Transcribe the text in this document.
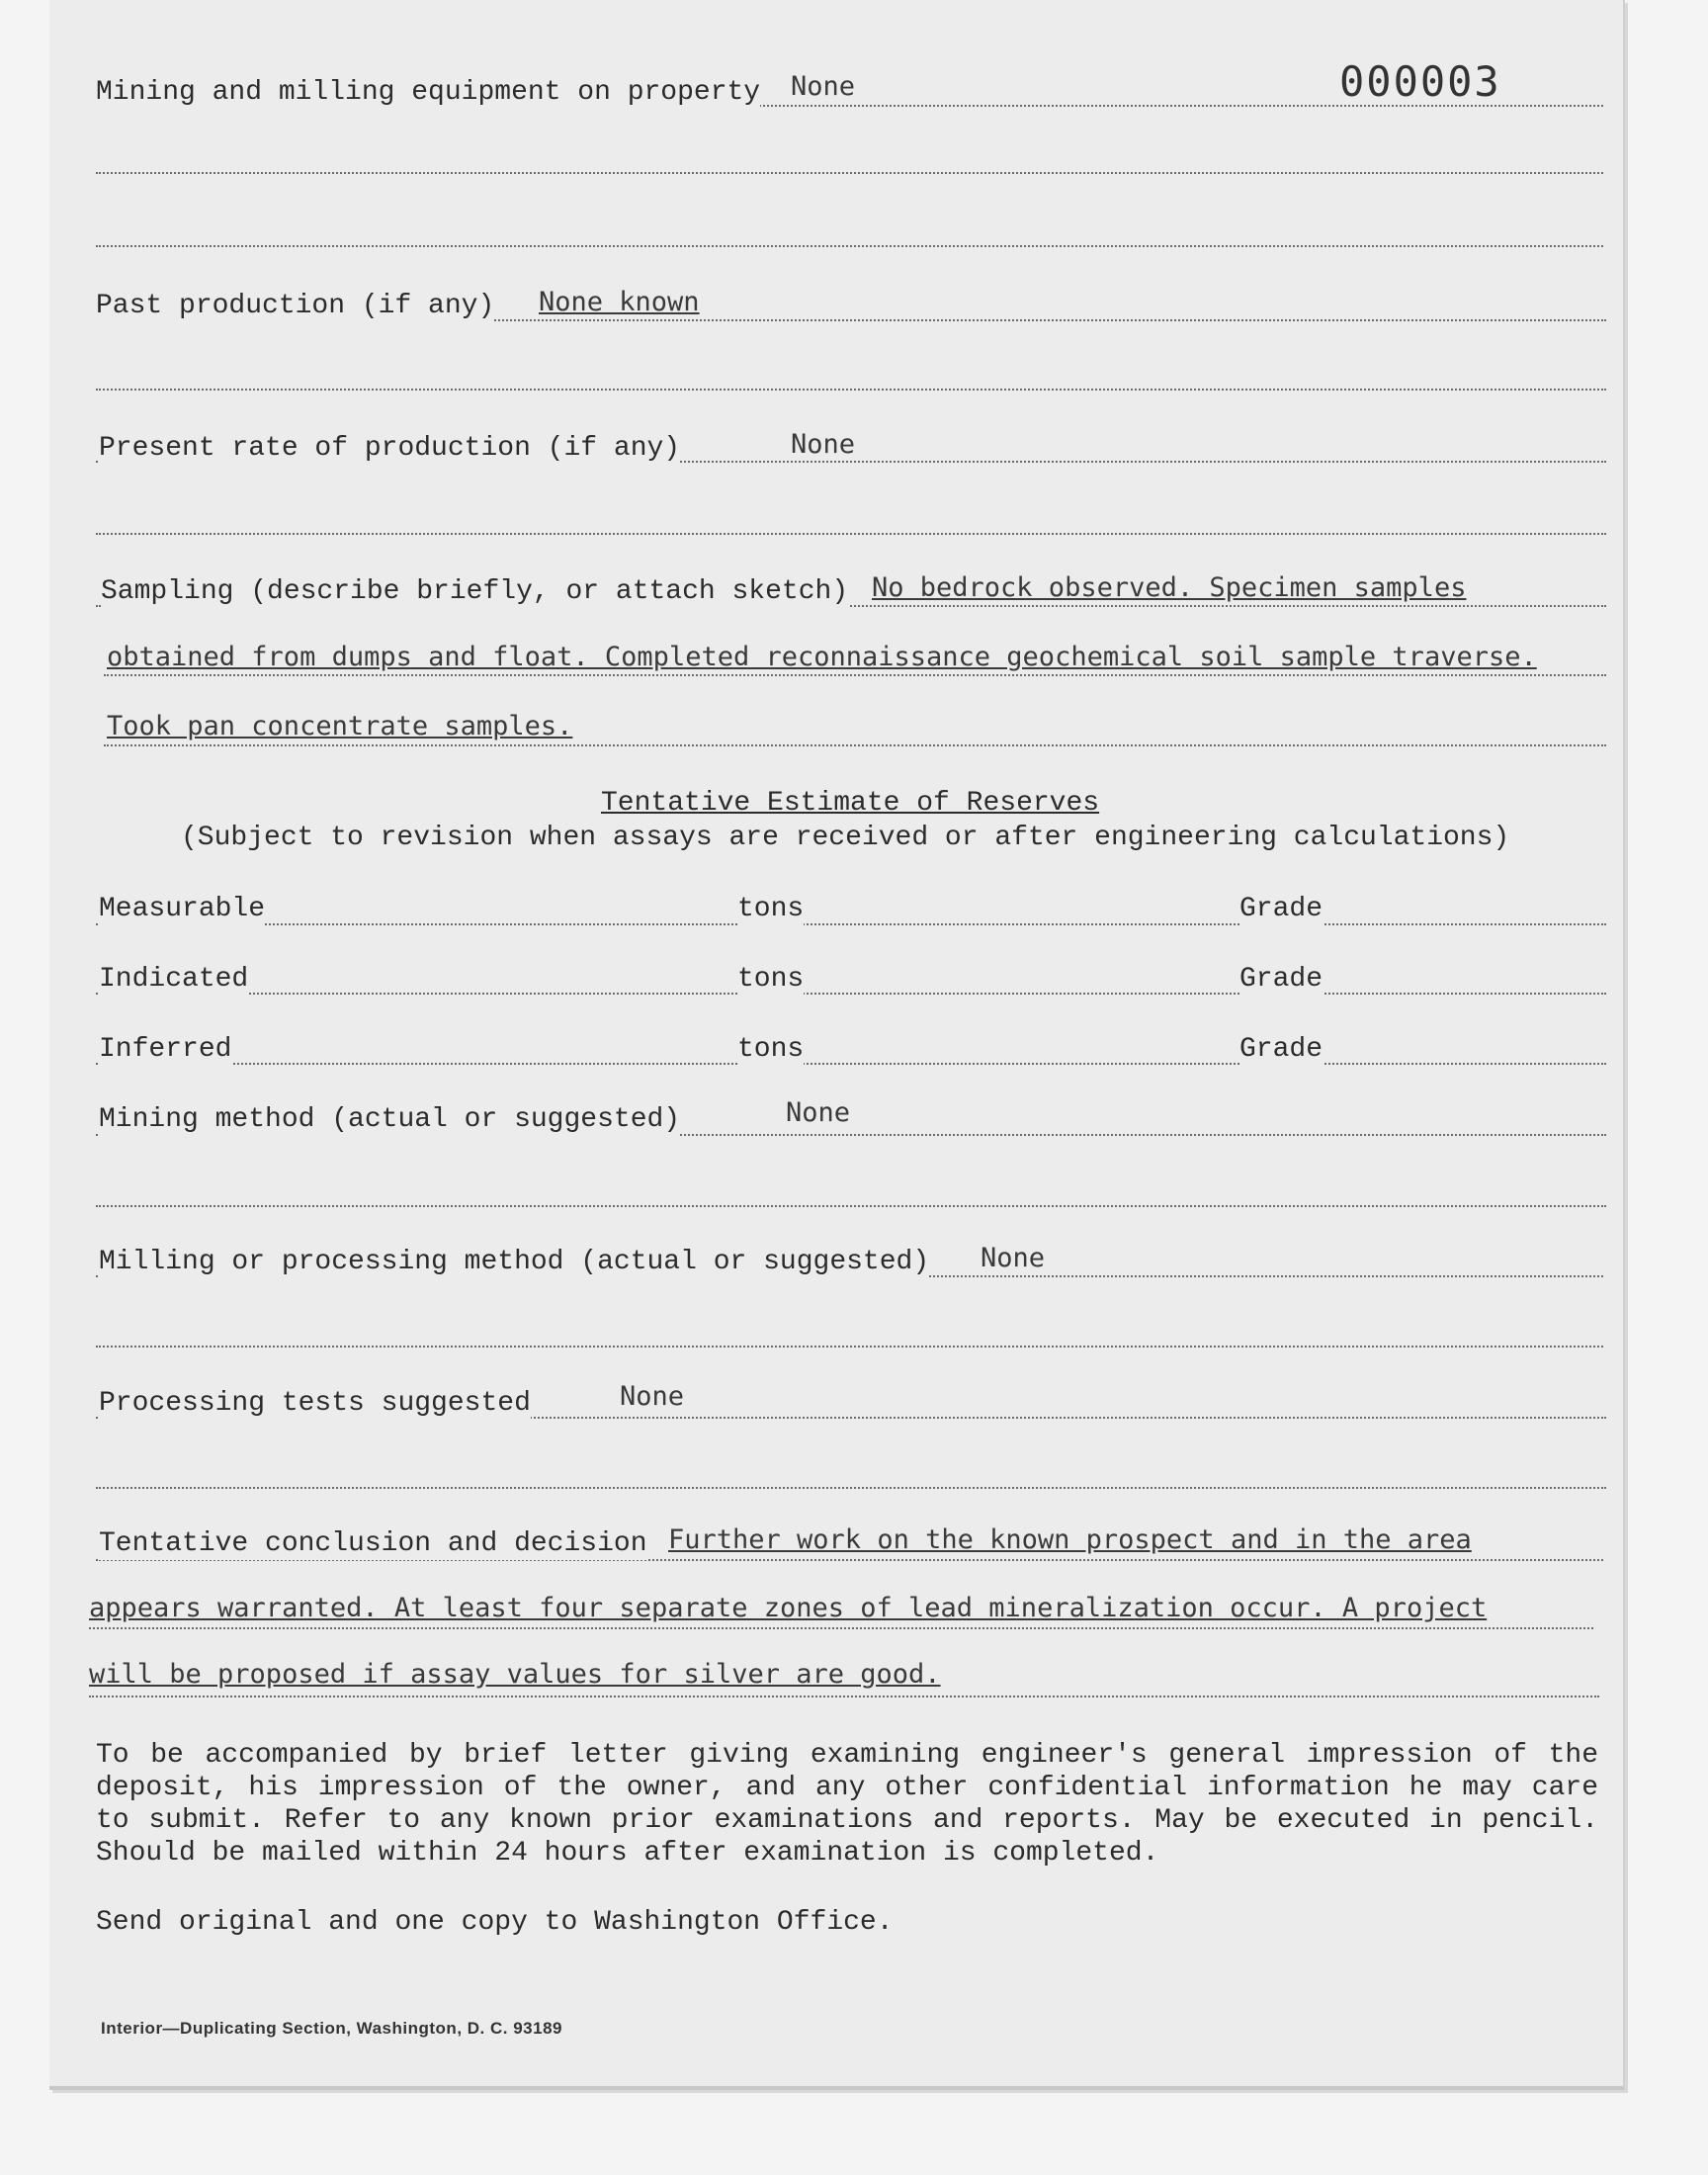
000003
Mining and milling equipment on property None
Past production (if any) None known
Present rate of production (if any)	None
Sampling (describe briefly, or attach sketch) No bedrock observed. Specimen samples
obtained from dumps and float. Completed reconnaissance geochemical soil sample traverse.
Took pan concentrate samples.
Tentative Estimate of Reserves
(Subject to revision when assays are received or after engineering calculations)
Measurable	tons	Grade
Indicated	tons	Grade
Inferred	tons	Grade
Mining method (actual or suggested)	None
Milling or processing method (actual or suggested) None
Processing tests suggested	None
Tentative conclusion and decision Further work on the known prospect and in the area
appears warranted. At least four separate zones of lead mineralization occur. A project
will be proposed if assay values for silver are good.
To be accompanied by brief letter giving examining engineer's general impression of the deposit, his impression of the owner, and any other confidential information he may care to submit. Refer to any known prior examinations and reports. May be executed in pencil. Should be mailed within 24 hours after examination is completed.
Send original and one copy to Washington Office.
Interior—Duplicating Section, Washington, D. C. 93189
